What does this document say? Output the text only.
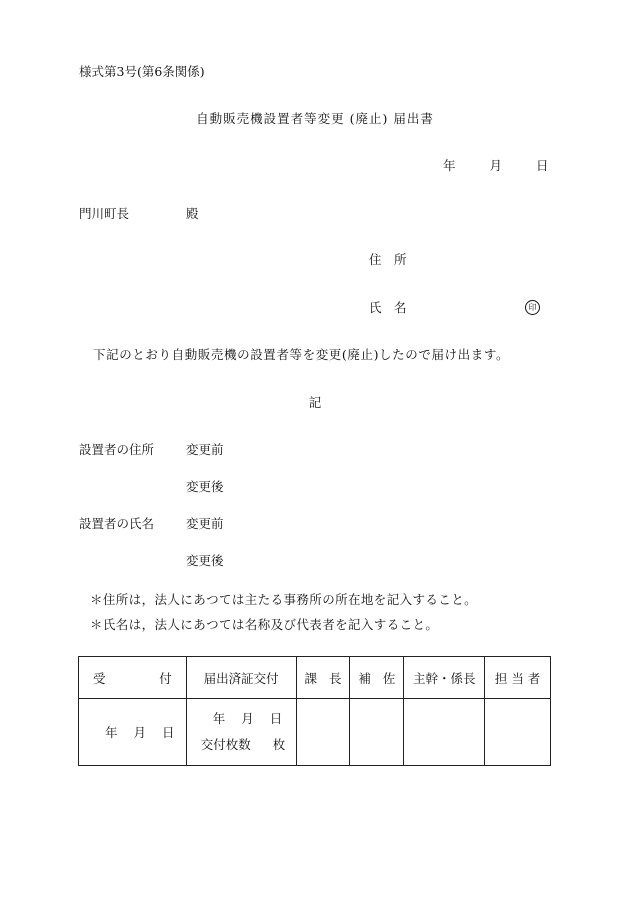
様式第3号(第6条関係)
自動販売機設置者等変更 (廃止) 届出書
年	月	日
門川町長	殿
住　所
氏　名	印
下記のとおり自動販売機の設置者等を変更(廃止)したので届け出ます。
記
設置者の住所	変更前
変更後
設置者の氏名	変更前
変更後
＊住所は，法人にあつては主たる事務所の所在地を記入すること。
＊氏名は，法人にあつては名称及び代表者を記入すること。
受 付	届出済証交付	課 長	補 佐	主幹・係長	担 当 者
年 月 日	年 月 日
交付枚数 枚				
